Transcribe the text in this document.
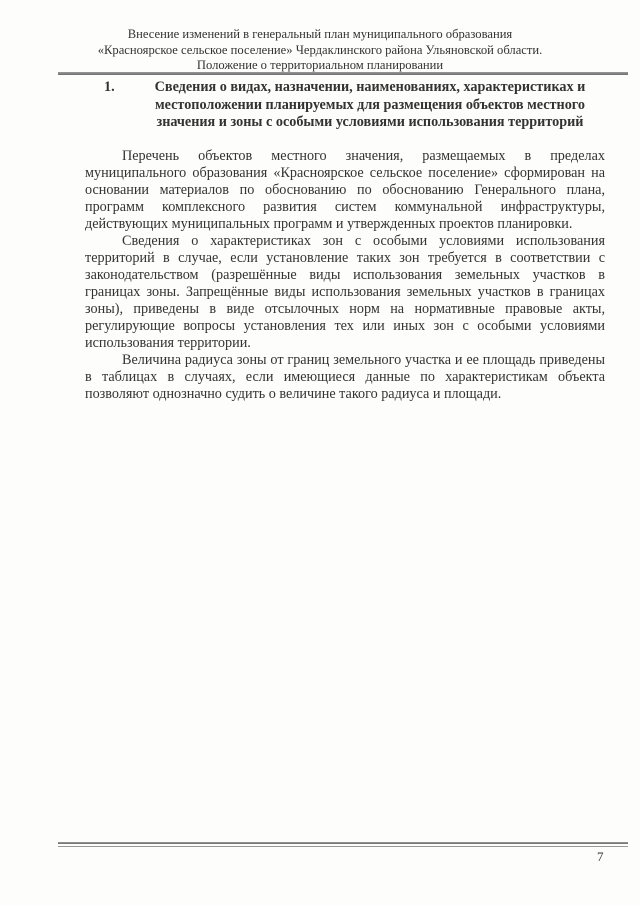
Внесение изменений в генеральный план муниципального образования
«Красноярское сельское поселение» Чердаклинского района Ульяновской области.
Положение о территориальном планировании
1.	Сведения о видах, назначении, наименованиях, характеристиках и
местоположении планируемых для размещения объектов местного
значения и зоны с особыми условиями использования территорий
Перечень объектов местного значения, размещаемых в пределах
муниципального образования «Красноярское сельское поселение» сформирован на
основании материалов по обоснованию по обоснованию Генерального плана,
программ комплексного развития систем коммунальной инфраструктуры,
действующих муниципальных программ и утвержденных проектов планировки.
Сведения о характеристиках зон с особыми условиями использования
территорий в случае, если установление таких зон требуется в соответствии с
законодательством (разрешённые виды использования земельных участков в
границах зоны. Запрещённые виды использования земельных участков в границах
зоны), приведены в виде отсылочных норм на нормативные правовые акты,
регулирующие вопросы установления тех или иных зон с особыми условиями
использования территории.
Величина радиуса зоны от границ земельного участка и ее площадь приведены
в таблицах в случаях, если имеющиеся данные по характеристикам объекта
позволяют однозначно судить о величине такого радиуса и площади.
7
